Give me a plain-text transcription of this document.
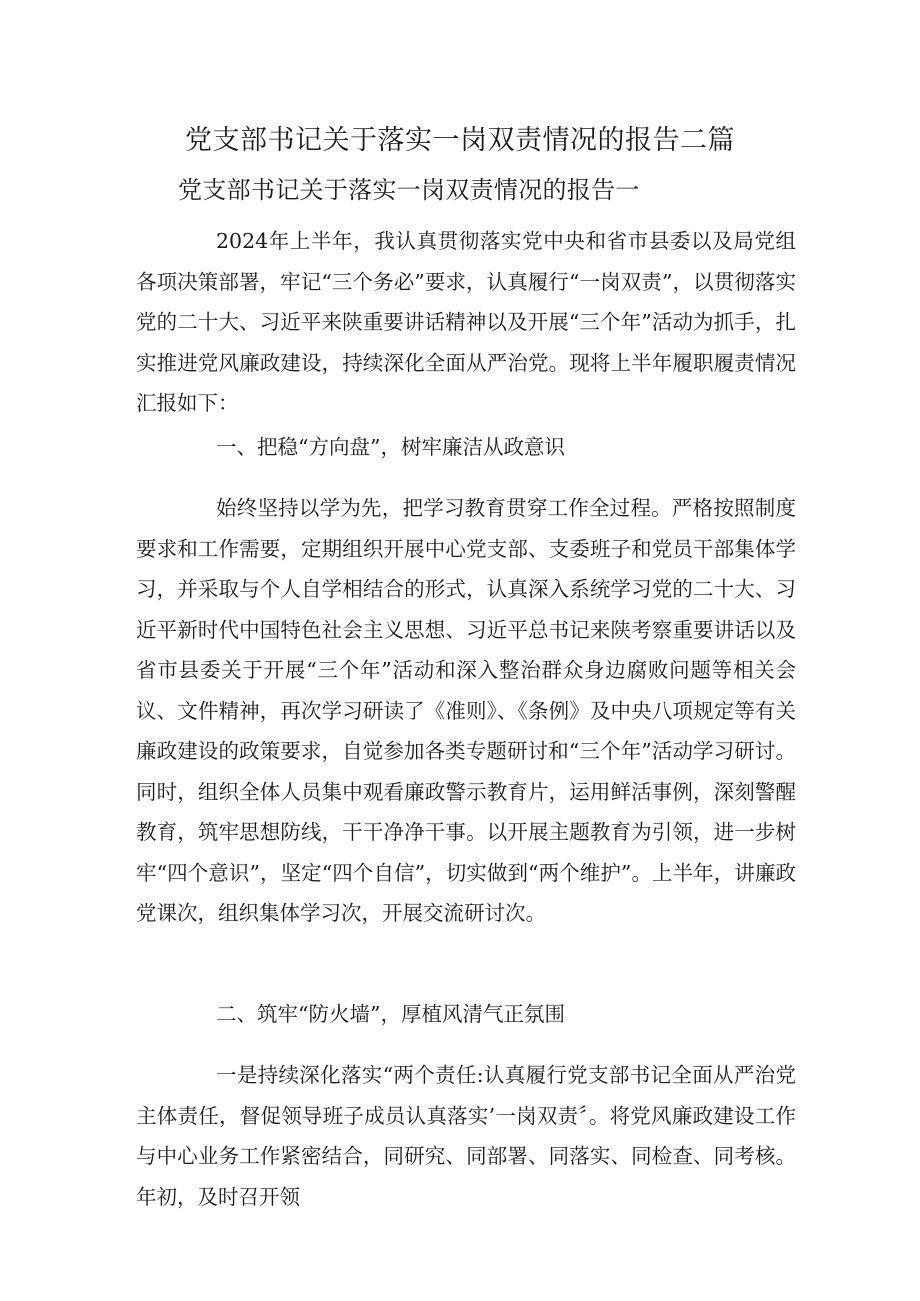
党支部书记关于落实一岗双责情况的报告二篇
党支部书记关于落实一岗双责情况的报告一

2024年上半年，我认真贯彻落实党中央和省市县委以及局党组各项决策部署，牢记“三个务必”要求，认真履行“一岗双责”，以贯彻落实党的二十大、习近平来陕重要讲话精神以及开展“三个年”活动为抓手，扎实推进党风廉政建设，持续深化全面从严治党。现将上半年履职履责情况汇报如下：

一、把稳“方向盘”，树牢廉洁从政意识

始终坚持以学为先，把学习教育贯穿工作全过程。严格按照制度要求和工作需要，定期组织开展中心党支部、支委班子和党员干部集体学习，并采取与个人自学相结合的形式，认真深入系统学习党的二十大、习近平新时代中国特色社会主义思想、习近平总书记来陕考察重要讲话以及省市县委关于开展“三个年”活动和深入整治群众身边腐败问题等相关会议、文件精神，再次学习研读了《准则》、《条例》及中央八项规定等有关廉政建设的政策要求，自觉参加各类专题研讨和“三个年”活动学习研讨。同时，组织全体人员集中观看廉政警示教育片，运用鲜活事例，深刻警醒教育，筑牢思想防线，干干净净干事。以开展主题教育为引领，进一步树牢“四个意识”，坚定“四个自信”，切实做到“两个维护”。上半年，讲廉政党课次，组织集体学习次，开展交流研讨次。

二、筑牢“防火墙”，厚植风清气正氛围

一是持续深化落实“两个责任:认真履行党支部书记全面从严治党主体责任，督促领导班子成员认真落实’一岗双责〞。将党风廉政建设工作与中心业务工作紧密结合，同研究、同部署、同落实、同检查、同考核。年初，及时召开领
